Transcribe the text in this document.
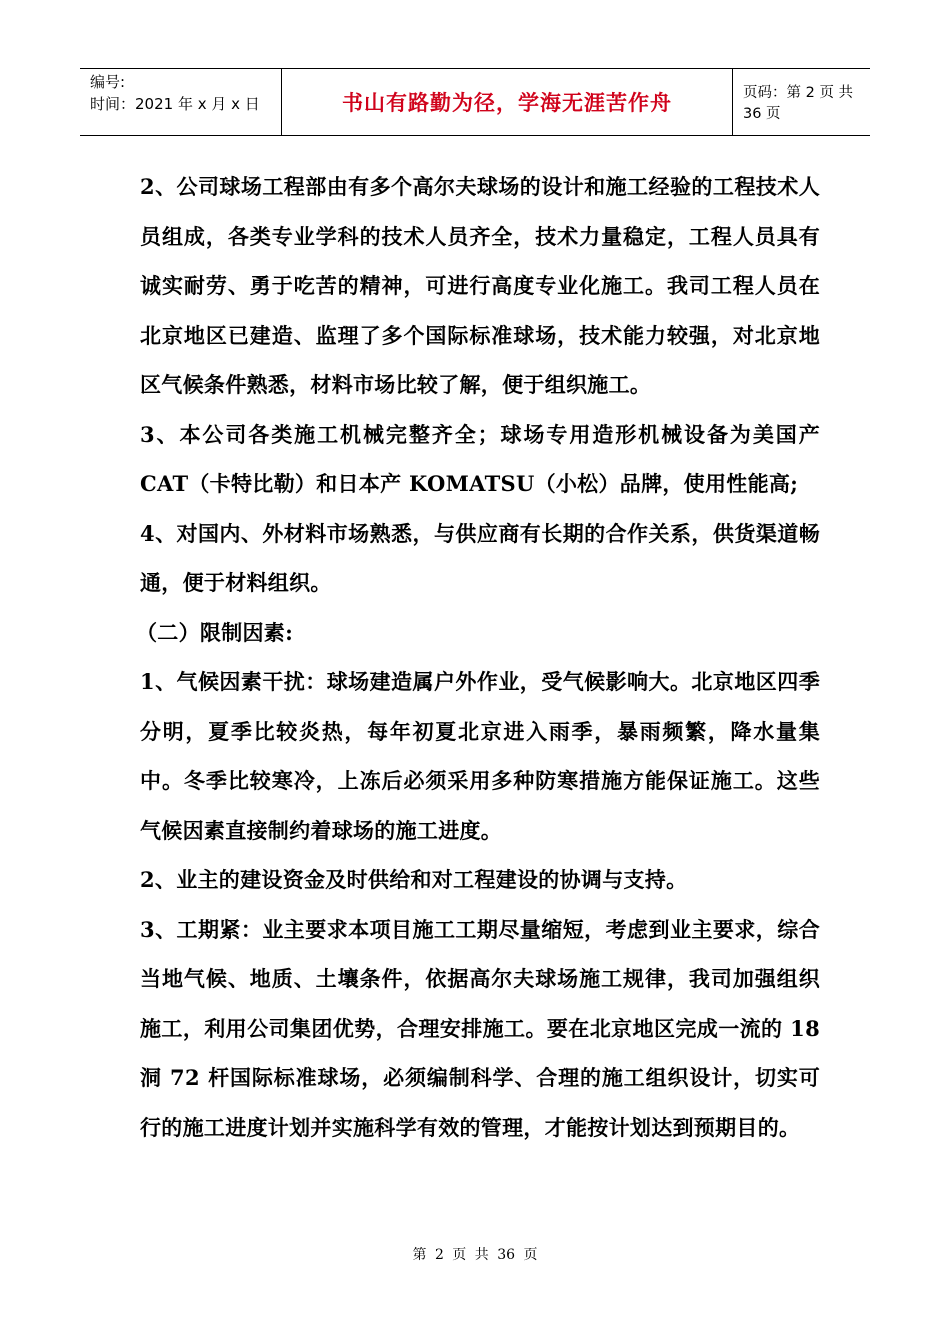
编号:
时间：2021 年 x 月 x 日	书山有路勤为径，学海无涯苦作舟	页码：第 2 页 共 36 页

2、公司球场工程部由有多个高尔夫球场的设计和施工经验的工程技术人员组成，各类专业学科的技术人员齐全，技术力量稳定，工程人员具有诚实耐劳、勇于吃苦的精神，可进行高度专业化施工。我司工程人员在北京地区已建造、监理了多个国际标准球场，技术能力较强，对北京地区气候条件熟悉，材料市场比较了解，便于组织施工。

3、本公司各类施工机械完整齐全；球场专用造形机械设备为美国产 CAT（卡特比勒）和日本产 KOMATSU（小松）品牌，使用性能高;

4、对国内、外材料市场熟悉，与供应商有长期的合作关系，供货渠道畅通，便于材料组织。

（二）限制因素:

1、气候因素干扰：球场建造属户外作业，受气候影响大。北京地区四季分明，夏季比较炎热，每年初夏北京进入雨季，暴雨频繁，降水量集中。冬季比较寒冷，上冻后必须采用多种防寒措施方能保证施工。这些气候因素直接制约着球场的施工进度。

2、业主的建设资金及时供给和对工程建设的协调与支持。

3、工期紧：业主要求本项目施工工期尽量缩短，考虑到业主要求，综合当地气候、地质、土壤条件，依据高尔夫球场施工规律，我司加强组织施工，利用公司集团优势，合理安排施工。要在北京地区完成一流的 18 洞 72 杆国际标准球场，必须编制科学、合理的施工组织设计，切实可行的施工进度计划并实施科学有效的管理，才能按计划达到预期目的。

第 2 页 共 36 页
